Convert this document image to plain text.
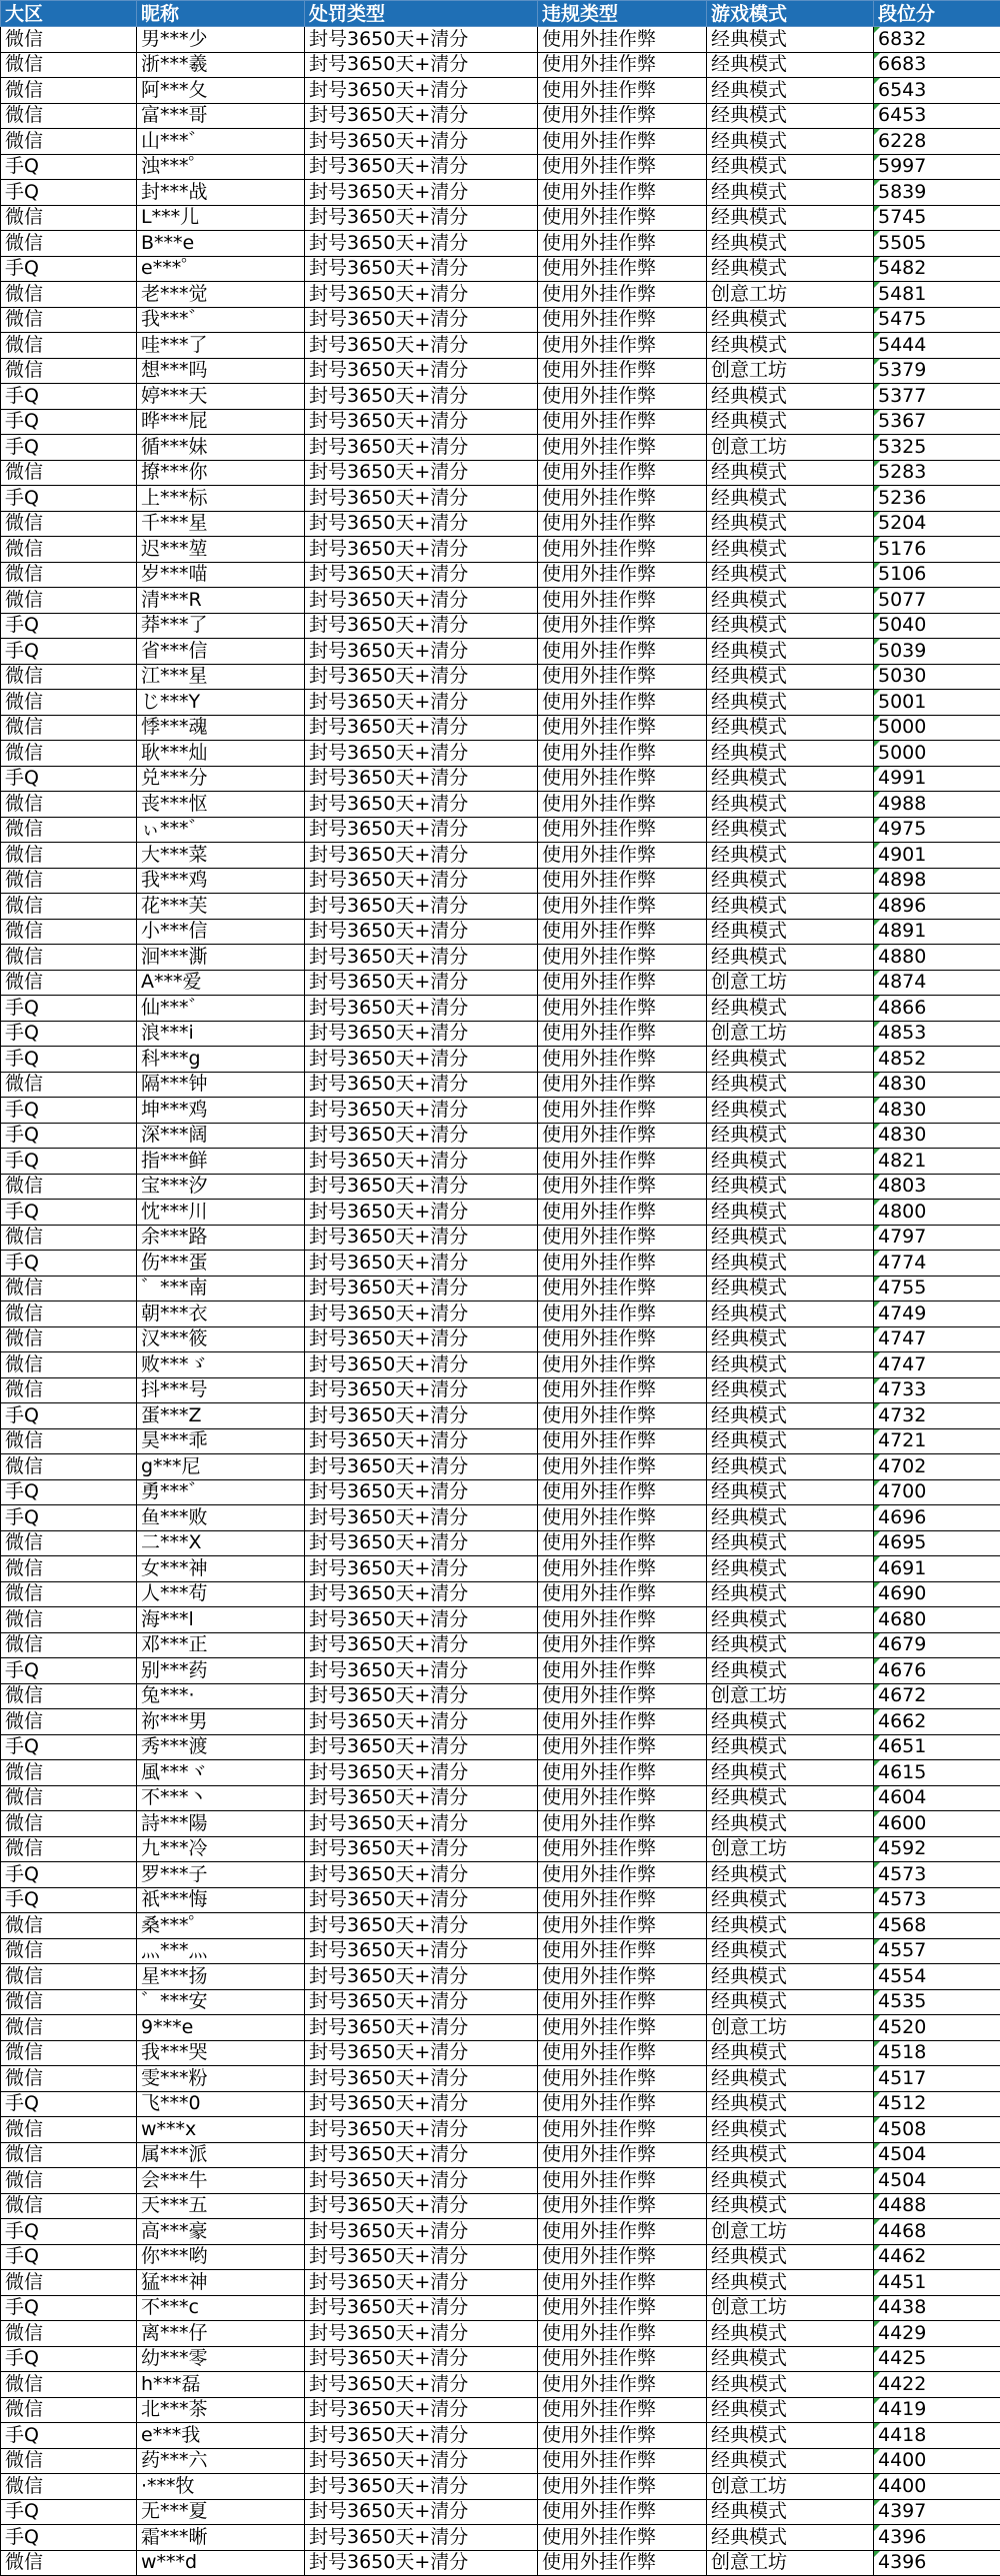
大区	昵称	处罚类型	违规类型	游戏模式	段位分
微信	男***少	封号3650天+清分	使用外挂作弊	经典模式	6832
微信	浙***羲	封号3650天+清分	使用外挂作弊	经典模式	6683
微信	阿***夂	封号3650天+清分	使用外挂作弊	经典模式	6543
微信	富***哥	封号3650天+清分	使用外挂作弊	经典模式	6453
微信	山***゛	封号3650天+清分	使用外挂作弊	经典模式	6228
手Q	浊***゜	封号3650天+清分	使用外挂作弊	经典模式	5997
手Q	封***战	封号3650天+清分	使用外挂作弊	经典模式	5839
微信	L***儿	封号3650天+清分	使用外挂作弊	经典模式	5745
微信	B***e	封号3650天+清分	使用外挂作弊	经典模式	5505
手Q	e***゜	封号3650天+清分	使用外挂作弊	经典模式	5482
微信	老***觉	封号3650天+清分	使用外挂作弊	创意工坊	5481
微信	我***゛	封号3650天+清分	使用外挂作弊	经典模式	5475
微信	哇***了	封号3650天+清分	使用外挂作弊	经典模式	5444
微信	想***吗	封号3650天+清分	使用外挂作弊	创意工坊	5379
手Q	婷***天	封号3650天+清分	使用外挂作弊	经典模式	5377
手Q	晔***屁	封号3650天+清分	使用外挂作弊	经典模式	5367
手Q	循***妹	封号3650天+清分	使用外挂作弊	创意工坊	5325
微信	撩***你	封号3650天+清分	使用外挂作弊	经典模式	5283
手Q	上***标	封号3650天+清分	使用外挂作弊	经典模式	5236
微信	千***星	封号3650天+清分	使用外挂作弊	经典模式	5204
微信	迟***堃	封号3650天+清分	使用外挂作弊	经典模式	5176
微信	岁***喵	封号3650天+清分	使用外挂作弊	经典模式	5106
微信	清***R	封号3650天+清分	使用外挂作弊	经典模式	5077
手Q	莽***了	封号3650天+清分	使用外挂作弊	经典模式	5040
手Q	省***信	封号3650天+清分	使用外挂作弊	经典模式	5039
微信	江***星	封号3650天+清分	使用外挂作弊	经典模式	5030
微信	じ***Y	封号3650天+清分	使用外挂作弊	经典模式	5001
微信	悸***魂	封号3650天+清分	使用外挂作弊	经典模式	5000
微信	耿***灿	封号3650天+清分	使用外挂作弊	经典模式	5000
手Q	兑***分	封号3650天+清分	使用外挂作弊	经典模式	4991
微信	丧***怄	封号3650天+清分	使用外挂作弊	经典模式	4988
微信	ぃ***゛	封号3650天+清分	使用外挂作弊	经典模式	4975
微信	大***菜	封号3650天+清分	使用外挂作弊	经典模式	4901
微信	我***鸡	封号3650天+清分	使用外挂作弊	经典模式	4898
微信	花***芙	封号3650天+清分	使用外挂作弊	经典模式	4896
微信	小***信	封号3650天+清分	使用外挂作弊	经典模式	4891
微信	洄***澌	封号3650天+清分	使用外挂作弊	经典模式	4880
微信	A***爱	封号3650天+清分	使用外挂作弊	创意工坊	4874
手Q	仙***゛	封号3650天+清分	使用外挂作弊	经典模式	4866
手Q	浪***i	封号3650天+清分	使用外挂作弊	创意工坊	4853
手Q	科***g	封号3650天+清分	使用外挂作弊	经典模式	4852
微信	隔***钟	封号3650天+清分	使用外挂作弊	经典模式	4830
手Q	坤***鸡	封号3650天+清分	使用外挂作弊	经典模式	4830
手Q	深***阔	封号3650天+清分	使用外挂作弊	经典模式	4830
手Q	指***鲜	封号3650天+清分	使用外挂作弊	经典模式	4821
微信	宝***汐	封号3650天+清分	使用外挂作弊	经典模式	4803
手Q	忱***川	封号3650天+清分	使用外挂作弊	经典模式	4800
微信	余***路	封号3650天+清分	使用外挂作弊	经典模式	4797
手Q	伤***蛋	封号3650天+清分	使用外挂作弊	经典模式	4774
微信	゛***南	封号3650天+清分	使用外挂作弊	经典模式	4755
微信	朝***衣	封号3650天+清分	使用外挂作弊	经典模式	4749
微信	汉***筱	封号3650天+清分	使用外挂作弊	经典模式	4747
微信	败***ゞ	封号3650天+清分	使用外挂作弊	经典模式	4747
微信	抖***号	封号3650天+清分	使用外挂作弊	经典模式	4733
手Q	蛋***Z	封号3650天+清分	使用外挂作弊	经典模式	4732
微信	昊***乖	封号3650天+清分	使用外挂作弊	经典模式	4721
微信	g***尼	封号3650天+清分	使用外挂作弊	经典模式	4702
手Q	勇***゛	封号3650天+清分	使用外挂作弊	经典模式	4700
手Q	鱼***败	封号3650天+清分	使用外挂作弊	经典模式	4696
微信	二***X	封号3650天+清分	使用外挂作弊	经典模式	4695
微信	女***神	封号3650天+清分	使用外挂作弊	经典模式	4691
微信	人***苟	封号3650天+清分	使用外挂作弊	经典模式	4690
微信	海***l	封号3650天+清分	使用外挂作弊	经典模式	4680
微信	邓***正	封号3650天+清分	使用外挂作弊	经典模式	4679
手Q	别***药	封号3650天+清分	使用外挂作弊	经典模式	4676
微信	兔***·	封号3650天+清分	使用外挂作弊	创意工坊	4672
微信	祢***男	封号3650天+清分	使用外挂作弊	经典模式	4662
手Q	秀***渡	封号3650天+清分	使用外挂作弊	经典模式	4651
微信	風***ヾ	封号3650天+清分	使用外挂作弊	经典模式	4615
微信	不***丶	封号3650天+清分	使用外挂作弊	经典模式	4604
微信	詩***陽	封号3650天+清分	使用外挂作弊	经典模式	4600
微信	九***冷	封号3650天+清分	使用外挂作弊	创意工坊	4592
手Q	罗***子	封号3650天+清分	使用外挂作弊	经典模式	4573
手Q	祇***悔	封号3650天+清分	使用外挂作弊	经典模式	4573
微信	桑***゜	封号3650天+清分	使用外挂作弊	经典模式	4568
微信	灬***灬	封号3650天+清分	使用外挂作弊	经典模式	4557
微信	星***扬	封号3650天+清分	使用外挂作弊	经典模式	4554
微信	゛***安	封号3650天+清分	使用外挂作弊	经典模式	4535
微信	9***e	封号3650天+清分	使用外挂作弊	创意工坊	4520
微信	我***哭	封号3650天+清分	使用外挂作弊	经典模式	4518
微信	雯***粉	封号3650天+清分	使用外挂作弊	经典模式	4517
手Q	飞***0	封号3650天+清分	使用外挂作弊	经典模式	4512
微信	w***x	封号3650天+清分	使用外挂作弊	经典模式	4508
微信	属***派	封号3650天+清分	使用外挂作弊	经典模式	4504
微信	会***牛	封号3650天+清分	使用外挂作弊	经典模式	4504
微信	天***五	封号3650天+清分	使用外挂作弊	经典模式	4488
手Q	高***豪	封号3650天+清分	使用外挂作弊	创意工坊	4468
手Q	你***哟	封号3650天+清分	使用外挂作弊	经典模式	4462
微信	猛***神	封号3650天+清分	使用外挂作弊	经典模式	4451
手Q	不***c	封号3650天+清分	使用外挂作弊	创意工坊	4438
微信	离***仔	封号3650天+清分	使用外挂作弊	经典模式	4429
手Q	幼***零	封号3650天+清分	使用外挂作弊	经典模式	4425
微信	h***磊	封号3650天+清分	使用外挂作弊	经典模式	4422
微信	北***茶	封号3650天+清分	使用外挂作弊	经典模式	4419
手Q	e***我	封号3650天+清分	使用外挂作弊	经典模式	4418
微信	药***六	封号3650天+清分	使用外挂作弊	经典模式	4400
微信	·***牧	封号3650天+清分	使用外挂作弊	创意工坊	4400
手Q	无***夏	封号3650天+清分	使用外挂作弊	经典模式	4397
手Q	霜***晰	封号3650天+清分	使用外挂作弊	经典模式	4396
微信	w***d	封号3650天+清分	使用外挂作弊	创意工坊	4396
